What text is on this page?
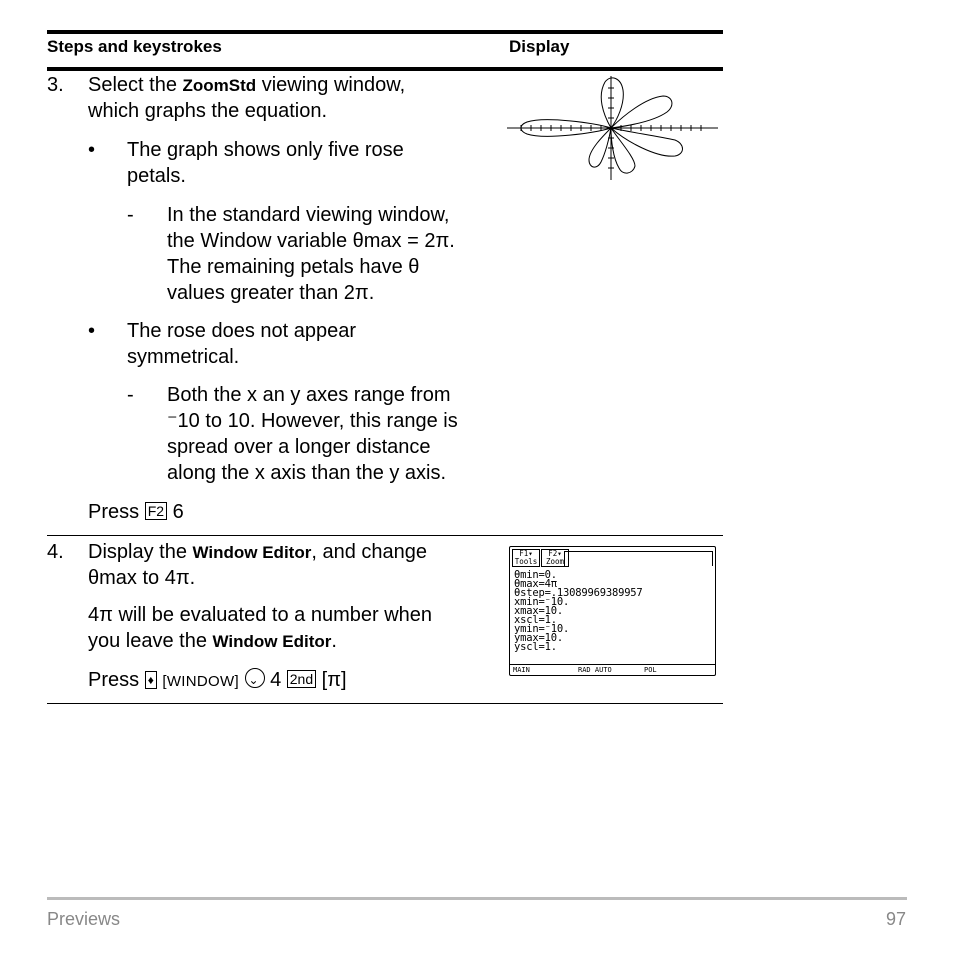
Steps and keystrokes	Display
3. Select the ZoomStd viewing window,
which graphs the equation.
• The graph shows only five rose
petals.
- In the standard viewing window,
the Window variable θmax = 2π.
The remaining petals have θ
values greater than 2π.
• The rose does not appear
symmetrical.
- Both the x an y axes range from
⁻10 to 10. However, this range is
spread over a longer distance
along the x axis than the y axis.
Press F2 6
4. Display the Window Editor, and change
θmax to 4π.
4π will be evaluated to a number when
you leave the Window Editor.
Press ♦ [WINDOW] ⌄ 4 2nd [π]
F1▾
Tools
F2▾
Zoom
θmin=0.
θmax=4π
θstep=.13089969389957
xmin=⁻10.
xmax=10.
xscl=1.
ymin=⁻10.
ymax=10.
yscl=1.
MAIN	RAD AUTO	POL
Previews	97
